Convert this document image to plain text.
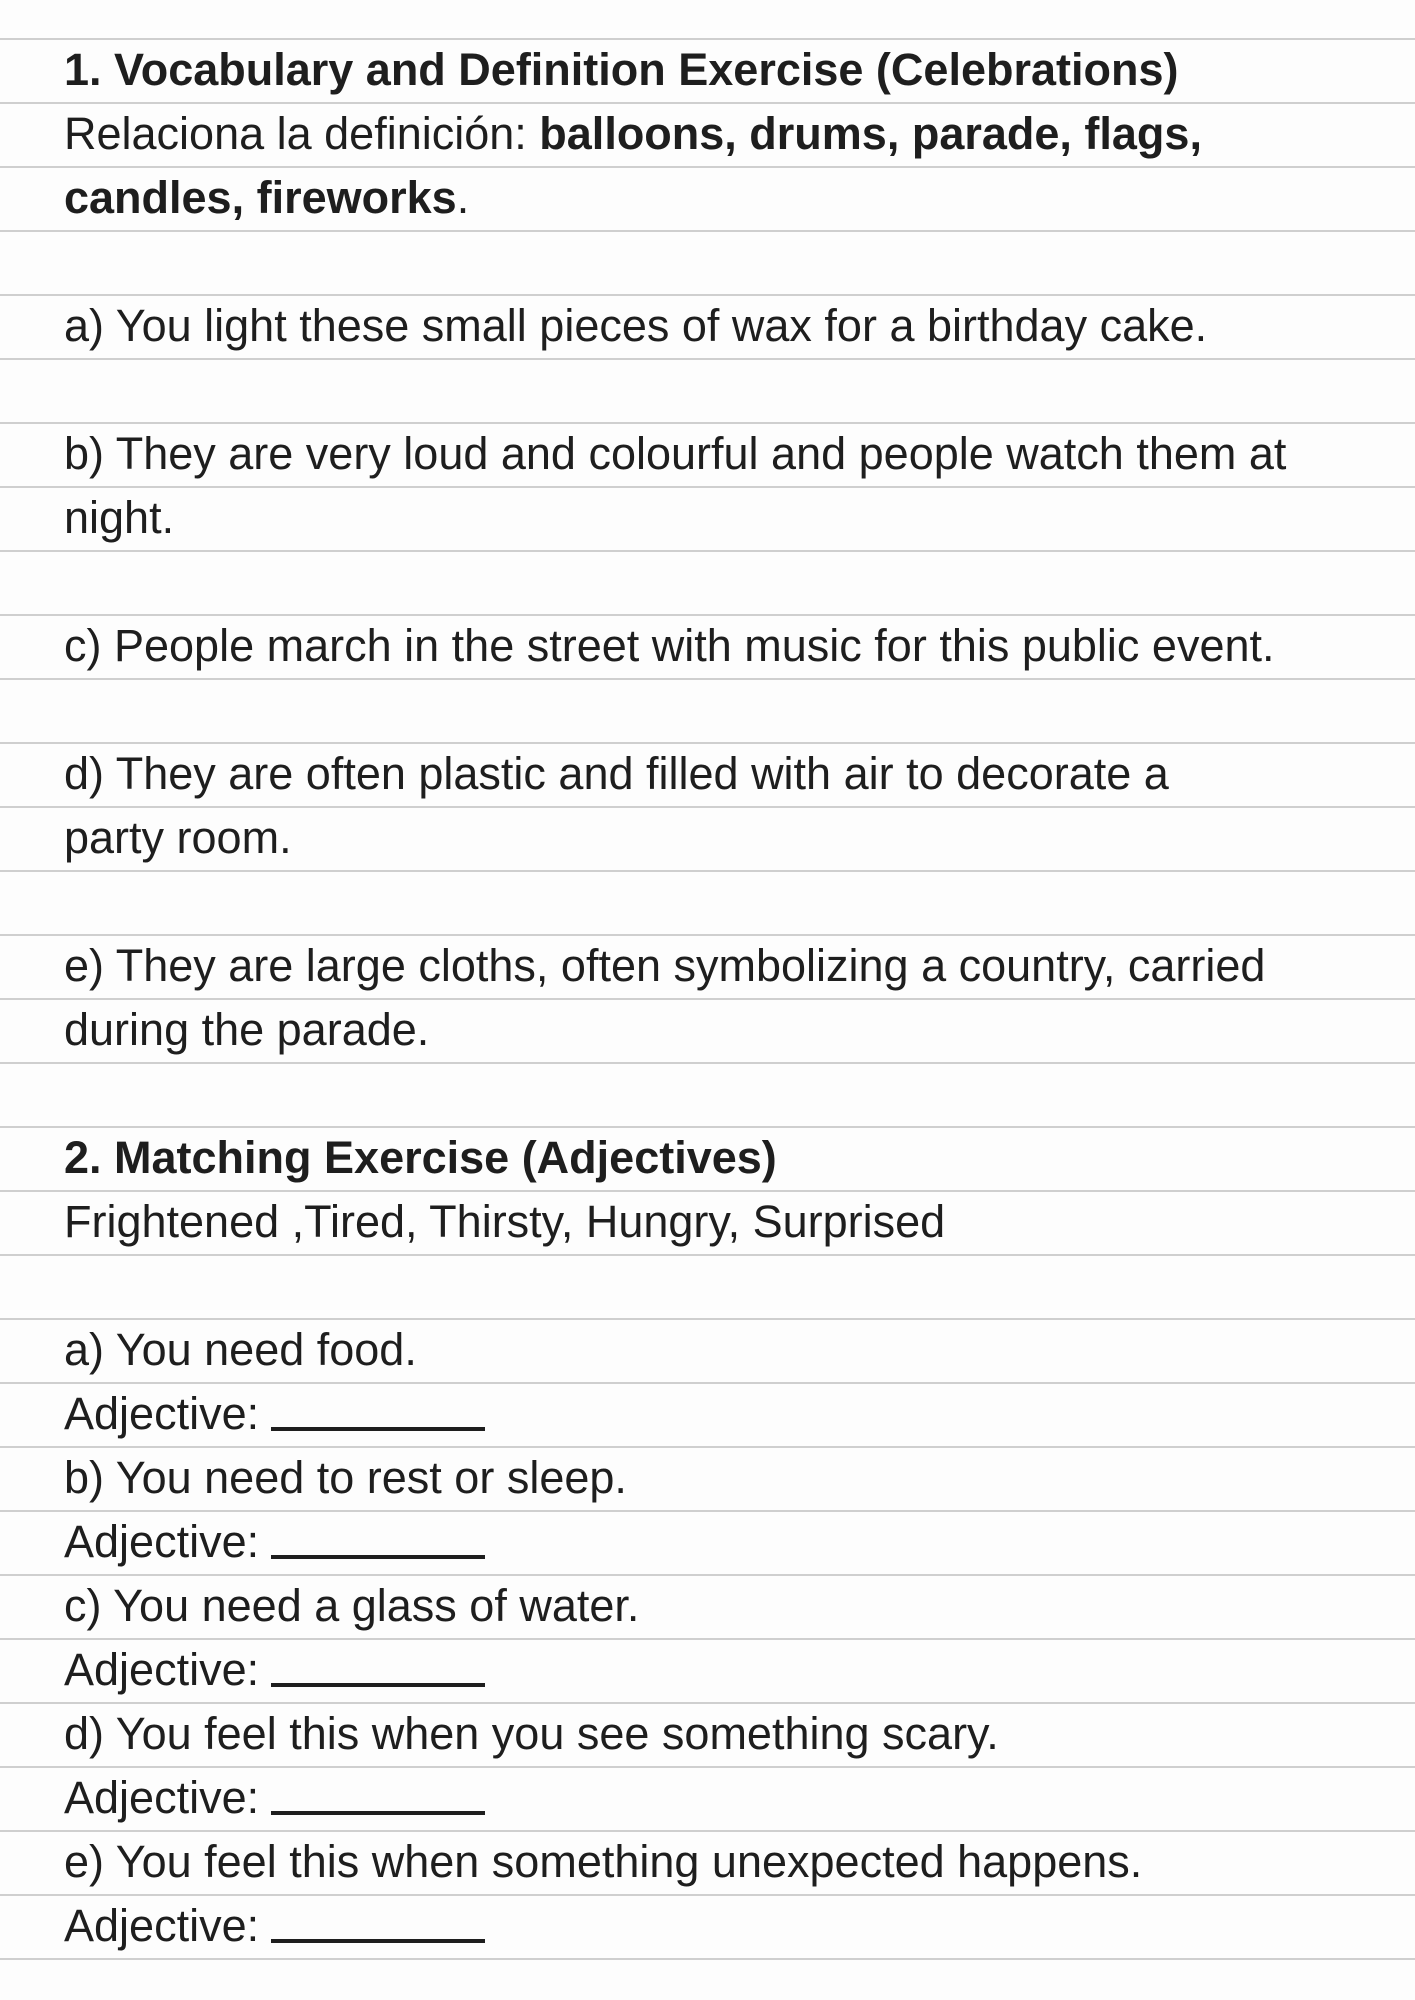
1. Vocabulary and Definition Exercise (Celebrations)
Relaciona la definición: balloons, drums, parade, flags,
candles, fireworks.
a) You light these small pieces of wax for a birthday cake.
b) They are very loud and colourful and people watch them at
night.
c) People march in the street with music for this public event.
d) They are often plastic and filled with air to decorate a
party room.
e) They are large cloths, often symbolizing a country, carried
during the parade.
2. Matching Exercise (Adjectives)
Frightened ,Tired, Thirsty, Hungry, Surprised
a) You need food.
Adjective:
b) You need to rest or sleep.
Adjective:
c) You need a glass of water.
Adjective:
d) You feel this when you see something scary.
Adjective:
e) You feel this when something unexpected happens.
Adjective:
